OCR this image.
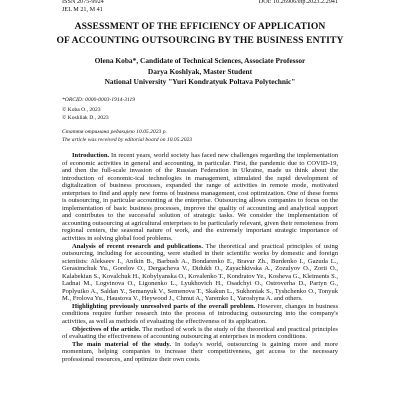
ISSN 2075-9924	DOI: 10.26906/eip.2023.2.2941
JEL M 21, M 41
ASSESSMENT OF THE EFFICIENCY OF APPLICATION
OF ACCOUNTING OUTSOURCING BY THE BUSINESS ENTITY
Olena Koba*, Candidate of Technical Sciences, Associate Professor
Darya Koshlyak, Master Student
National University "Yuri Kondratyuk Poltava Polytechnic"
*ORCID: 0000-0003-1914-3119
© Koba O., 2023
© Koshliak D., 2023
Стаття отримана редакцією 10.05.2023 р.
The article was received by editorial board on 10.05.2023

Introduction. In recent years, world society has faced new challenges regarding the implementation of economic activities in general and accounting, in particular. First, the pandemic due to COVID-19, and then the full-scale invasion of the Russian Federation in Ukraine, made us think about the introduction of economic-ical technologies in management, stimulated the rapid development of digitalization of business processes, expanded the range of activities in remote mode, motivated enterprises to find and apply new forms of business management, cost optimization. One of these forms is outsourcing, in particular accounting at the enterprise. Outsourcing allows companies to focus on the implementation of basic business processes, improve the quality of accounting and analytical support and contributes to the successful solution of strategic tasks. We consider the implementation of accounting outsourcing at agricultural enterprises to be particularly relevant, given their remoteness from regional centers, the seasonal nature of work, and the extremely important strategic importance of activities in solving global food problems.

Analysis of recent research and publications. The theoretical and practical principles of using outsourcing, including for accounting, were studied in their scientific works by domestic and foreign scientists: Alekseev I., Anikin B., Barbush A., Bondarenko E., Bravar Zh., Burdenko I., Gazuda L., Gerasimchuk Yu., Gorelov O., Dergacheva V., Didukh O., Zayachkivska A., Zozulyov O., Zorii O., Kalabekian S., Kovalchuk H., Kobylyanska O., Kovalenko T., Kondratov Ye., Kosheva G., Kleiments S., Ladnai M., Logvinova O., Ligonenko L., Lyukhovich H., Osadchyi O., Ostroverha D., Partyn G., Poplyuiko A., Saldan Y., Semanyuk V., Semenova T., Skakun L., Sukhoniak S., Tyshchenko O., Tonyuk M., Frolova Yu., Haustova V., Heywood J., Chmut A., Yaremko I., Yaroshyna A. and others.

Highlighting previously unresolved parts of the overall problem. However, changes in business conditions require further research into the process of introducing outsourcing into the company's activities, as well as methods of evaluating the effectiveness of its application.

Objectives of the article. The method of work is the study of the theoretical and practical principles of evaluating the effectiveness of accounting outsourcing at enterprises in modern conditions.

The main material of the study. In today's world, outsourcing is gaining more and more momentum, helping companies to increase their competitiveness, get access to the necessary professional resources, and optimize their own costs.
